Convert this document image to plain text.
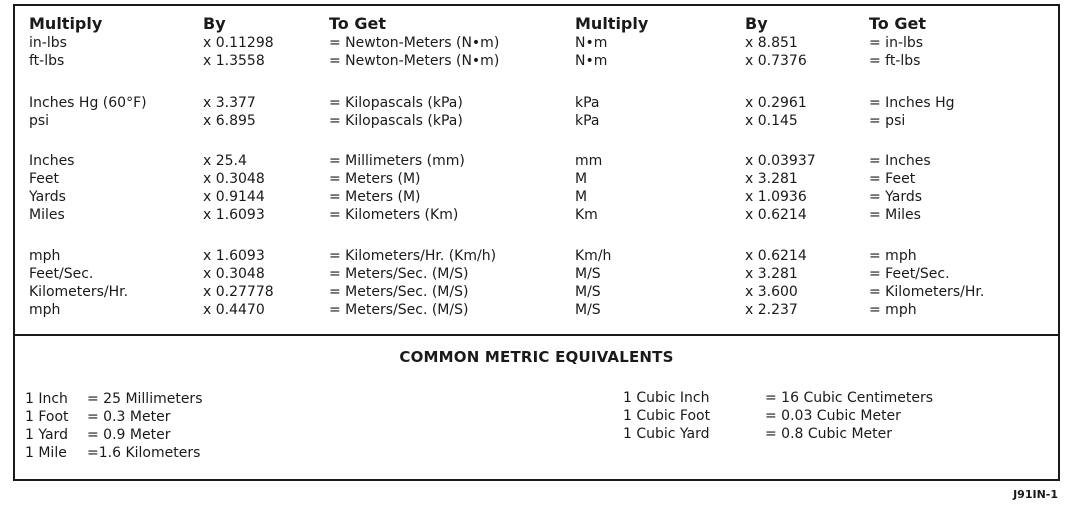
Multiply	By	To Get	Multiply	By	To Get
in-lbs	x 0.11298	= Newton-Meters (N•m)	N•m	x 8.851	= in-lbs
ft-lbs	x 1.3558	= Newton-Meters (N•m)	N•m	x 0.7376	= ft-lbs
Inches Hg (60°F)	x 3.377	= Kilopascals (kPa)	kPa	x 0.2961	= Inches Hg
psi	x 6.895	= Kilopascals (kPa)	kPa	x 0.145	= psi
Inches	x 25.4	= Millimeters (mm)	mm	x 0.03937	= Inches
Feet	x 0.3048	= Meters (M)	M	x 3.281	= Feet
Yards	x 0.9144	= Meters (M)	M	x 1.0936	= Yards
Miles	x 1.6093	= Kilometers (Km)	Km	x 0.6214	= Miles
mph	x 1.6093	= Kilometers/Hr. (Km/h)	Km/h	x 0.6214	= mph
Feet/Sec.	x 0.3048	= Meters/Sec. (M/S)	M/S	x 3.281	= Feet/Sec.
Kilometers/Hr.	x 0.27778	= Meters/Sec. (M/S)	M/S	x 3.600	= Kilometers/Hr.
mph	x 0.4470	= Meters/Sec. (M/S)	M/S	x 2.237	= mph
COMMON METRIC EQUIVALENTS
1 Inch = 25 Millimeters
1 Foot = 0.3 Meter
1 Yard = 0.9 Meter
1 Mile =1.6 Kilometers
1 Cubic Inch	= 16 Cubic Centimeters
1 Cubic Foot	= 0.03 Cubic Meter
1 Cubic Yard	= 0.8 Cubic Meter
J91IN-1
